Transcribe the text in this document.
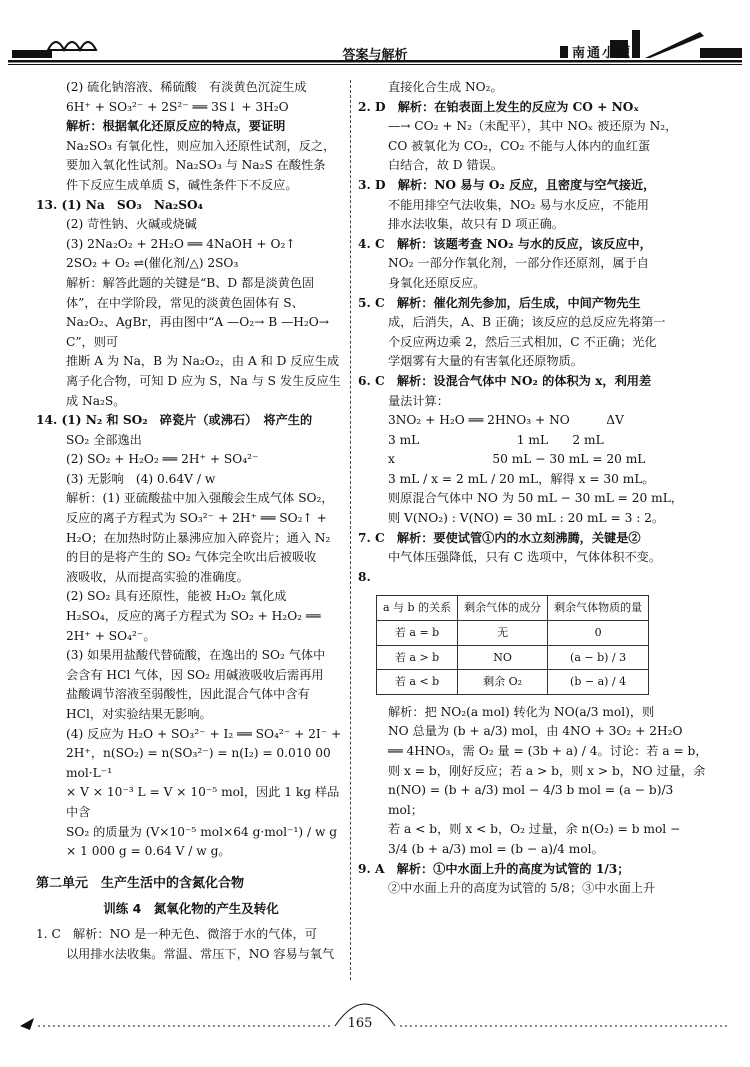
答案与解析	南通小题

(2) 硫化钠溶液、稀硫酸　有淡黄色沉淀生成

6H⁺ + SO₃²⁻ + 2S²⁻ ══ 3S↓ + 3H₂O

解析：根据氧化还原反应的特点，要证明

Na₂SO₃ 有氧化性，则应加入还原性试剂，反之，

要加入氧化性试剂。Na₂SO₃ 与 Na₂S 在酸性条

件下反应生成单质 S，碱性条件下不反应。

13. (1) Na　SO₃　Na₂SO₄

(2) 苛性钠、火碱或烧碱

(3) 2Na₂O₂ + 2H₂O ══ 4NaOH + O₂↑

2SO₂ + O₂ ⇌(催化剂/△) 2SO₃

解析：解答此题的关键是“B、D 都是淡黄色固

体”，在中学阶段，常见的淡黄色固体有 S、

Na₂O₂、AgBr，再由图中“A —O₂→ B —H₂O→ C”，则可

推断 A 为 Na，B 为 Na₂O₂，由 A 和 D 反应生成

离子化合物，可知 D 应为 S，Na 与 S 发生反应生

成 Na₂S。

14. (1) N₂ 和 SO₂　碎瓷片（或沸石）　将产生的

SO₂ 全部逸出

(2) SO₂ + H₂O₂ ══ 2H⁺ + SO₄²⁻

(3) 无影响　(4) 0.64V / w

解析：(1) 亚硫酸盐中加入强酸会生成气体 SO₂，

反应的离子方程式为 SO₃²⁻ + 2H⁺ ══ SO₂↑ +

H₂O；在加热时防止暴沸应加入碎瓷片；通入 N₂

的目的是将产生的 SO₂ 气体完全吹出后被吸收

液吸收，从而提高实验的准确度。

(2) SO₂ 具有还原性，能被 H₂O₂ 氧化成

H₂SO₄，反应的离子方程式为 SO₂ + H₂O₂ ══

2H⁺ + SO₄²⁻。

(3) 如果用盐酸代替硫酸，在逸出的 SO₂ 气体中

会含有 HCl 气体，因 SO₂ 用碱液吸收后需再用

盐酸调节溶液至弱酸性，因此混合气体中含有

HCl，对实验结果无影响。

(4) 反应为 H₂O + SO₃²⁻ + I₂ ══ SO₄²⁻ + 2I⁻ +

2H⁺，n(SO₂) = n(SO₃²⁻) = n(I₂) = 0.010 00 mol·L⁻¹

× V × 10⁻³ L = V × 10⁻⁵ mol，因此 1 kg 样品中含

SO₂ 的质量为 (V×10⁻⁵ mol×64 g·mol⁻¹) / w g

× 1 000 g = 0.64 V / w g。

第二单元　生产生活中的含氮化合物

训练 4　氮氧化物的产生及转化

1. C　解析：NO 是一种无色、微溶于水的气体，可

以用排水法收集。常温、常压下，NO 容易与氧气

直接化合生成 NO₂。

2. D　解析：在铂表面上发生的反应为 CO + NOₓ

—→ CO₂ + N₂（未配平），其中 NOₓ 被还原为 N₂，

CO 被氧化为 CO₂，CO₂ 不能与人体内的血红蛋

白结合，故 D 错误。

3. D　解析：NO 易与 O₂ 反应，且密度与空气接近，

不能用排空气法收集，NO₂ 易与水反应，不能用

排水法收集，故只有 D 项正确。

4. C　解析：该题考查 NO₂ 与水的反应，该反应中，

NO₂ 一部分作氧化剂，一部分作还原剂，属于自

身氧化还原反应。

5. C　解析：催化剂先参加，后生成，中间产物先生

成，后消失，A、B 正确；该反应的总反应先将第一

个反应两边乘 2，然后三式相加，C 不正确；光化

学烟雾有大量的有害氧化还原物质。

6. C　解析：设混合气体中 NO₂ 的体积为 x，利用差

量法计算：

3NO₂ + H₂O ══ 2HNO₃ + NO　　　ΔV

3 mL　　　　　　　　1 mL　　2 mL

x　　　　　　　　50 mL − 30 mL = 20 mL

3 mL / x = 2 mL / 20 mL，解得 x = 30 mL。

则原混合气体中 NO 为 50 mL − 30 mL = 20 mL，

则 V(NO₂) : V(NO) = 30 mL : 20 mL = 3 : 2。

7. C　解析：要使试管①内的水立刻沸腾，关键是②

中气体压强降低，只有 C 选项中，气体体积不变。

8.

a 与 b 的关系	剩余气体的成分	剩余气体物质的量
若 a = b	无	0
若 a > b	NO	(a − b) / 3
若 a < b	剩余 O₂	(b − a) / 4

解析：把 NO₂(a mol) 转化为 NO(a/3 mol)，则

NO 总量为 (b + a/3) mol，由 4NO + 3O₂ + 2H₂O

══ 4HNO₃，需 O₂ 量 = (3b + a) / 4。讨论：若 a = b，

则 x = b，刚好反应；若 a > b，则 x > b，NO 过量，余

n(NO) = (b + a/3) mol − 4/3 b mol = (a − b)/3 mol；

若 a < b，则 x < b，O₂ 过量，余 n(O₂) = b mol −

3/4 (b + a/3) mol = (b − a)/4 mol。

9. A　解析：①中水面上升的高度为试管的 1/3；

②中水面上升的高度为试管的 5/8；③中水面上升

165
